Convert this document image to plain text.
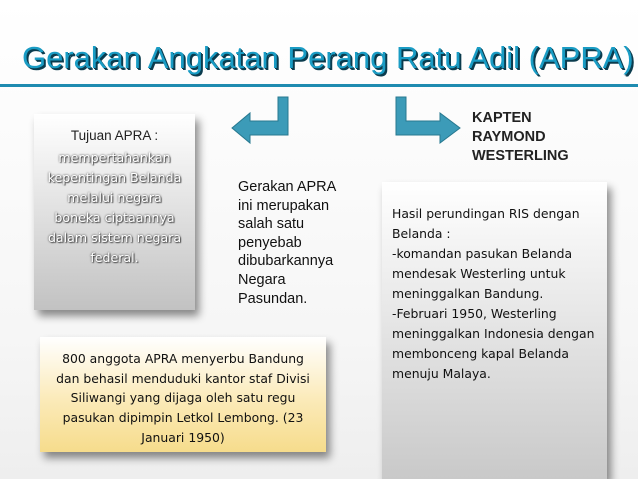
Gerakan Angkatan Perang Ratu Adil (APRA)
Tujuan APRA :
mempertahankan
kepentingan Belanda
melalui negara
boneka ciptaannya
dalam sistem negara
federal.
Gerakan APRA
ini merupakan
salah satu
penyebab
dibubarkannya
Negara
Pasundan.
KAPTEN
RAYMOND
WESTERLING
Hasil perundingan RIS dengan
Belanda :
-komandan pasukan Belanda
mendesak Westerling untuk
meninggalkan Bandung.
-Februari 1950, Westerling
meninggalkan Indonesia dengan
membonceng kapal Belanda
menuju Malaya.
800 anggota APRA menyerbu Bandung
dan behasil menduduki kantor staf Divisi
Siliwangi yang dijaga oleh satu regu
pasukan dipimpin Letkol Lembong. (23
Januari 1950)
